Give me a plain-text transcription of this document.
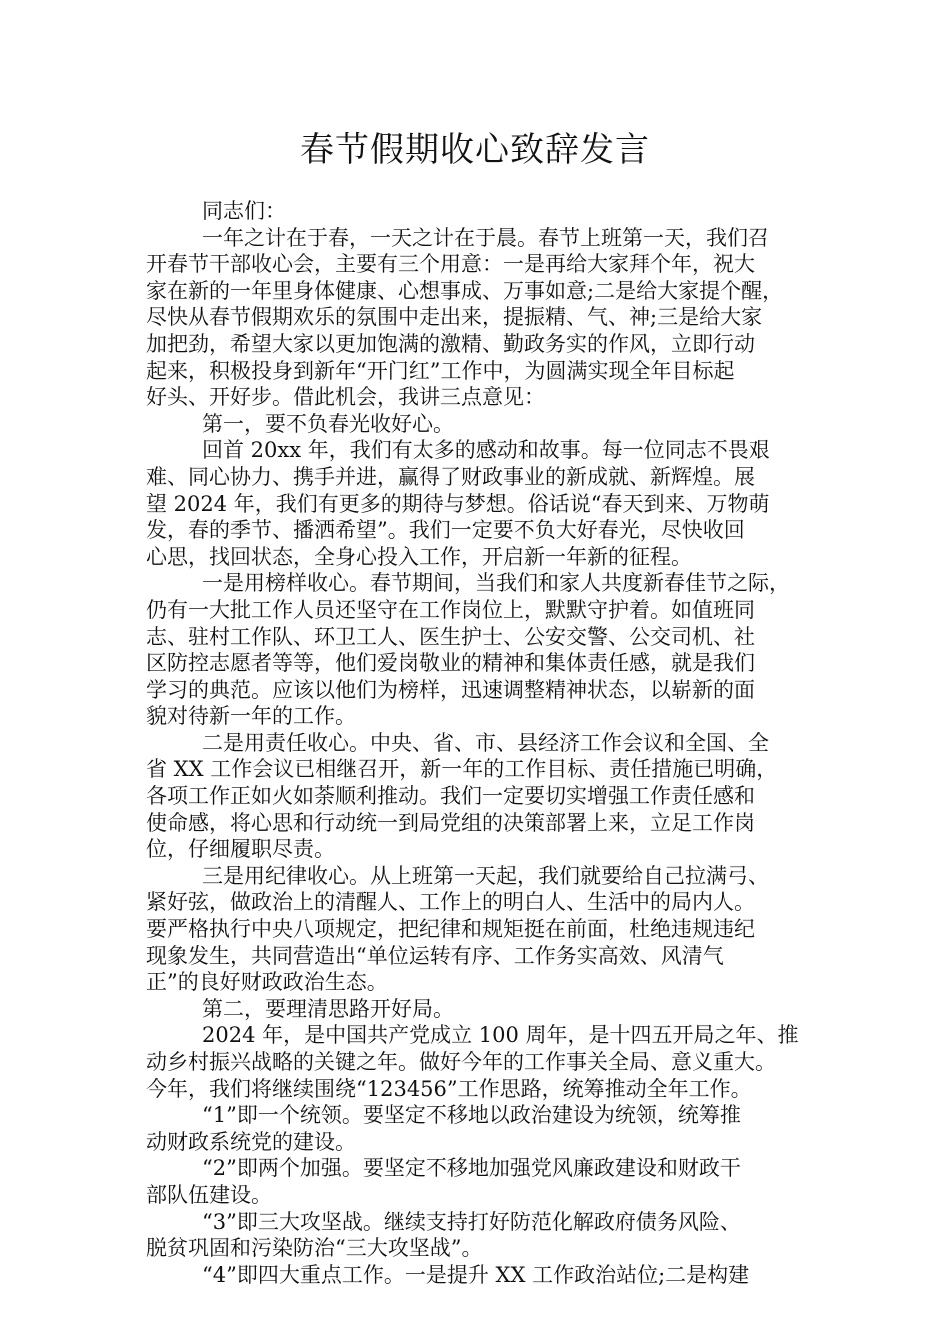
春节假期收心致辞发言
同志们：
一年之计在于春，一天之计在于晨。春节上班第一天，我们召
开春节干部收心会，主要有三个用意：一是再给大家拜个年，祝大
家在新的一年里身体健康、心想事成、万事如意;二是给大家提个醒，
尽快从春节假期欢乐的氛围中走出来，提振精、气、神;三是给大家
加把劲，希望大家以更加饱满的激精、勤政务实的作风，立即行动
起来，积极投身到新年“开门红”工作中，为圆满实现全年目标起
好头、开好步。借此机会，我讲三点意见：
第一，要不负春光收好心。
回首 20xx 年，我们有太多的感动和故事。每一位同志不畏艰
难、同心协力、携手并进，赢得了财政事业的新成就、新辉煌。展
望 2024 年，我们有更多的期待与梦想。俗话说“春天到来、万物萌
发，春的季节、播洒希望”。我们一定要不负大好春光，尽快收回
心思，找回状态，全身心投入工作，开启新一年新的征程。
一是用榜样收心。春节期间，当我们和家人共度新春佳节之际，
仍有一大批工作人员还坚守在工作岗位上，默默守护着。如值班同
志、驻村工作队、环卫工人、医生护士、公安交警、公交司机、社
区防控志愿者等等，他们爱岗敬业的精神和集体责任感，就是我们
学习的典范。应该以他们为榜样，迅速调整精神状态，以崭新的面
貌对待新一年的工作。
二是用责任收心。中央、省、市、县经济工作会议和全国、全
省 XX 工作会议已相继召开，新一年的工作目标、责任措施已明确，
各项工作正如火如荼顺利推动。我们一定要切实增强工作责任感和
使命感，将心思和行动统一到局党组的决策部署上来，立足工作岗
位，仔细履职尽责。
三是用纪律收心。从上班第一天起，我们就要给自己拉满弓、
紧好弦，做政治上的清醒人、工作上的明白人、生活中的局内人。
要严格执行中央八项规定，把纪律和规矩挺在前面，杜绝违规违纪
现象发生，共同营造出“单位运转有序、工作务实高效、风清气
正”的良好财政政治生态。
第二，要理清思路开好局。
2024 年，是中国共产党成立 100 周年，是十四五开局之年、推
动乡村振兴战略的关键之年。做好今年的工作事关全局、意义重大。
今年，我们将继续围绕“123456”工作思路，统筹推动全年工作。
“1”即一个统领。要坚定不移地以政治建设为统领，统筹推
动财政系统党的建设。
“2”即两个加强。要坚定不移地加强党风廉政建设和财政干
部队伍建设。
“3”即三大攻坚战。继续支持打好防范化解政府债务风险、
脱贫巩固和污染防治“三大攻坚战”。
“4”即四大重点工作。一是提升 XX 工作政治站位;二是构建
